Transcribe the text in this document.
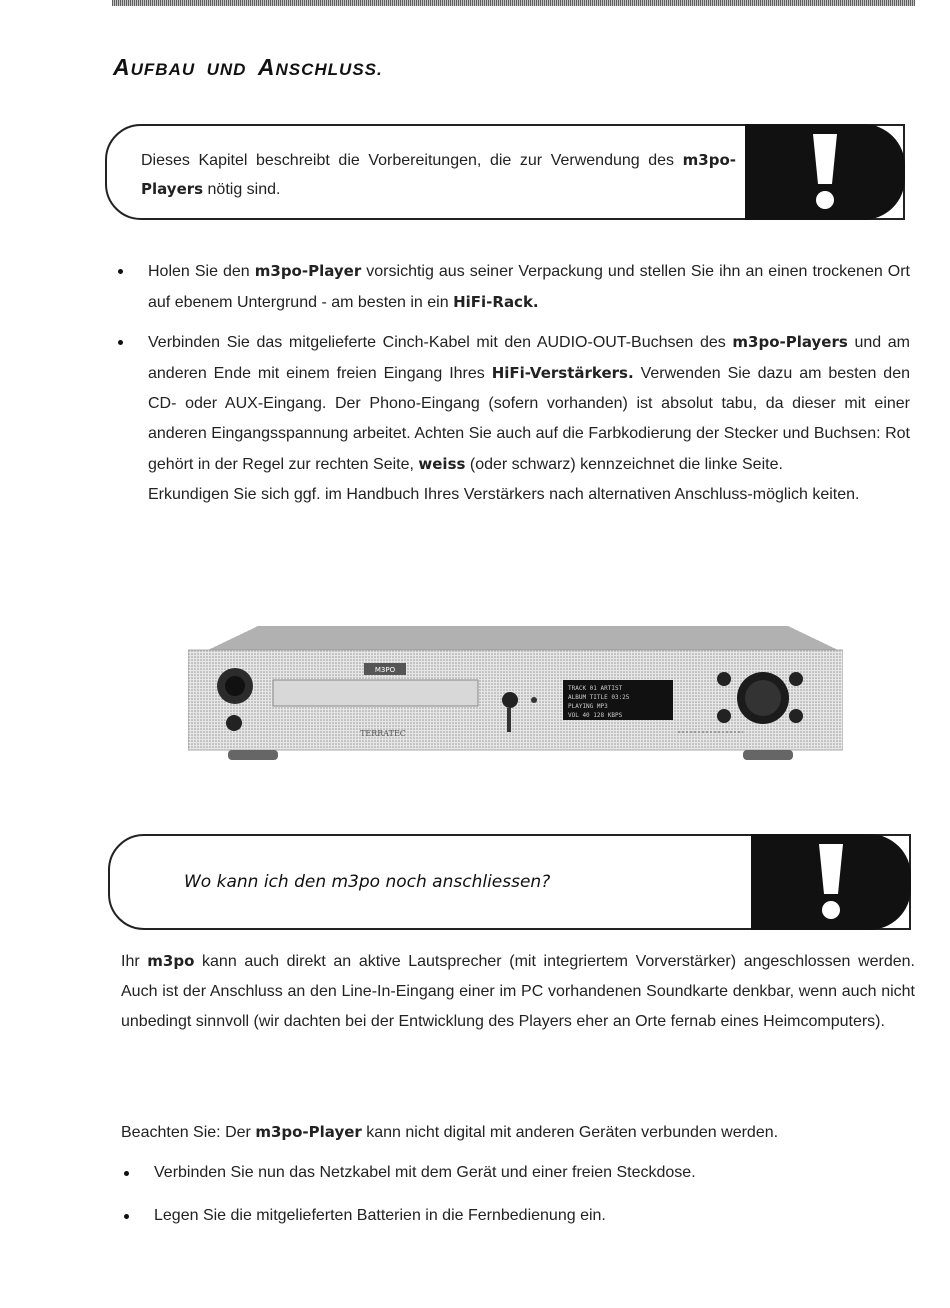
AUFBAU UND ANSCHLUSS.
Dieses Kapitel beschreibt die Vorbereitungen, die zur Verwendung des m3po-Players nötig sind.
Holen Sie den m3po-Player vorsichtig aus seiner Verpackung und stellen Sie ihn an einen trockenen Ort auf ebenem Untergrund - am besten in ein HiFi-Rack.
Verbinden Sie das mitgelieferte Cinch-Kabel mit den AUDIO-OUT-Buchsen des m3po-Players und am anderen Ende mit einem freien Eingang Ihres HiFi-Verstärkers. Verwenden Sie dazu am besten den CD- oder AUX-Eingang. Der Phono-Eingang (sofern vorhanden) ist absolut tabu, da dieser mit einer anderen Eingangsspannung arbeitet. Achten Sie auch auf die Farbkodierung der Stecker und Buchsen: Rot gehört in der Regel zur rechten Seite, weiss (oder schwarz) kennzeichnet die linke Seite.
Erkundigen Sie sich ggf. im Handbuch Ihres Verstärkers nach alternativen Anschluss-möglich keiten.
M3PO
TERRATEC
TRACK 01 ARTIST
ALBUM TITLE 03:25
PLAYING MP3
VOL 40 128 KBPS
Wo kann ich den m3po noch anschliessen?

Ihr m3po kann auch direkt an aktive Lautsprecher (mit integriertem Vorverstärker) angeschlossen werden. Auch ist der Anschluss an den Line-In-Eingang einer im PC vorhandenen Soundkarte denkbar, wenn auch nicht unbedingt sinnvoll (wir dachten bei der Entwicklung des Players eher an Orte fernab eines Heimcomputers).

Beachten Sie: Der m3po-Player kann nicht digital mit anderen Geräten verbunden werden.

Verbinden Sie nun das Netzkabel mit dem Gerät und einer freien Steckdose.
Legen Sie die mitgelieferten Batterien in die Fernbedienung ein.
